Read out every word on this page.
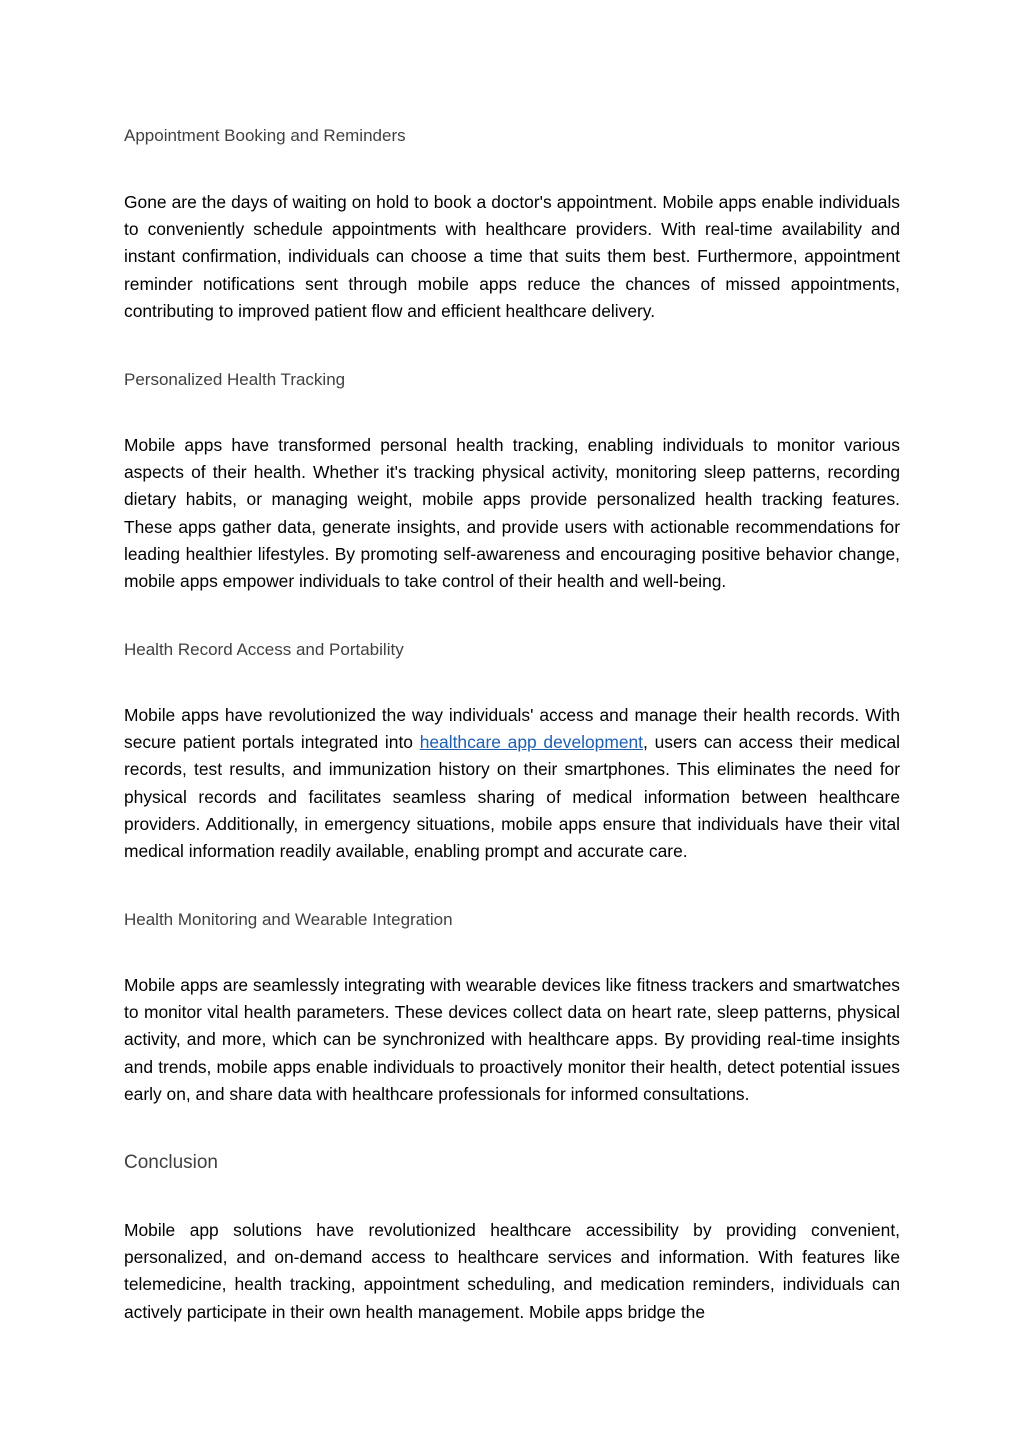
Appointment Booking and Reminders

Gone are the days of waiting on hold to book a doctor's appointment. Mobile apps enable individuals to conveniently schedule appointments with healthcare providers. With real-time availability and instant confirmation, individuals can choose a time that suits them best. Furthermore, appointment reminder notifications sent through mobile apps reduce the chances of missed appointments, contributing to improved patient flow and efficient healthcare delivery.

Personalized Health Tracking

Mobile apps have transformed personal health tracking, enabling individuals to monitor various aspects of their health. Whether it's tracking physical activity, monitoring sleep patterns, recording dietary habits, or managing weight, mobile apps provide personalized health tracking features. These apps gather data, generate insights, and provide users with actionable recommendations for leading healthier lifestyles. By promoting self-awareness and encouraging positive behavior change, mobile apps empower individuals to take control of their health and well-being.

Health Record Access and Portability

Mobile apps have revolutionized the way individuals' access and manage their health records. With secure patient portals integrated into healthcare app development, users can access their medical records, test results, and immunization history on their smartphones. This eliminates the need for physical records and facilitates seamless sharing of medical information between healthcare providers. Additionally, in emergency situations, mobile apps ensure that individuals have their vital medical information readily available, enabling prompt and accurate care.

Health Monitoring and Wearable Integration

Mobile apps are seamlessly integrating with wearable devices like fitness trackers and smartwatches to monitor vital health parameters. These devices collect data on heart rate, sleep patterns, physical activity, and more, which can be synchronized with healthcare apps. By providing real-time insights and trends, mobile apps enable individuals to proactively monitor their health, detect potential issues early on, and share data with healthcare professionals for informed consultations.

Conclusion

Mobile app solutions have revolutionized healthcare accessibility by providing convenient, personalized, and on-demand access to healthcare services and information. With features like telemedicine, health tracking, appointment scheduling, and medication reminders, individuals can actively participate in their own health management. Mobile apps bridge the
